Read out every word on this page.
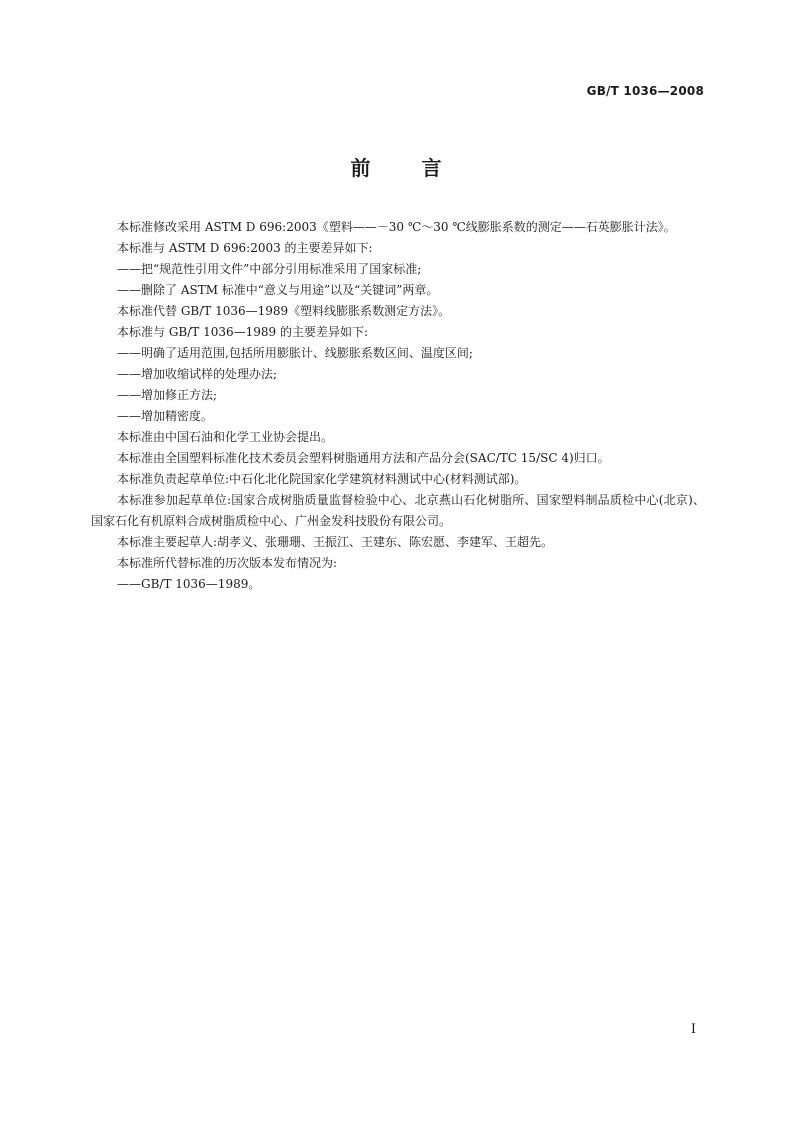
GB/T 1036—2008
前 言

本标准修改采用 ASTM D 696:2003《塑料——－30 ℃～30 ℃线膨胀系数的测定——石英膨胀计法》。

本标准与 ASTM D 696:2003 的主要差异如下:

——把“规范性引用文件”中部分引用标准采用了国家标准;

——删除了 ASTM 标准中“意义与用途”以及“关键词”两章。

本标准代替 GB/T 1036—1989《塑料线膨胀系数测定方法》。

本标准与 GB/T 1036—1989 的主要差异如下:

——明确了适用范围,包括所用膨胀计、线膨胀系数区间、温度区间;

——增加收缩试样的处理办法;

——增加修正方法;

——增加精密度。

本标准由中国石油和化学工业协会提出。

本标准由全国塑料标准化技术委员会塑料树脂通用方法和产品分会(SAC/TC 15/SC 4)归口。

本标准负责起草单位:中石化北化院国家化学建筑材料测试中心(材料测试部)。

本标准参加起草单位:国家合成树脂质量监督检验中心、北京燕山石化树脂所、国家塑料制品质检中心(北京)、国家石化有机原料合成树脂质检中心、广州金发科技股份有限公司。

本标准主要起草人:胡孝义、张珊珊、王振江、王建东、陈宏愿、李建军、王超先。

本标准所代替标准的历次版本发布情况为:

——GB/T 1036—1989。

I
